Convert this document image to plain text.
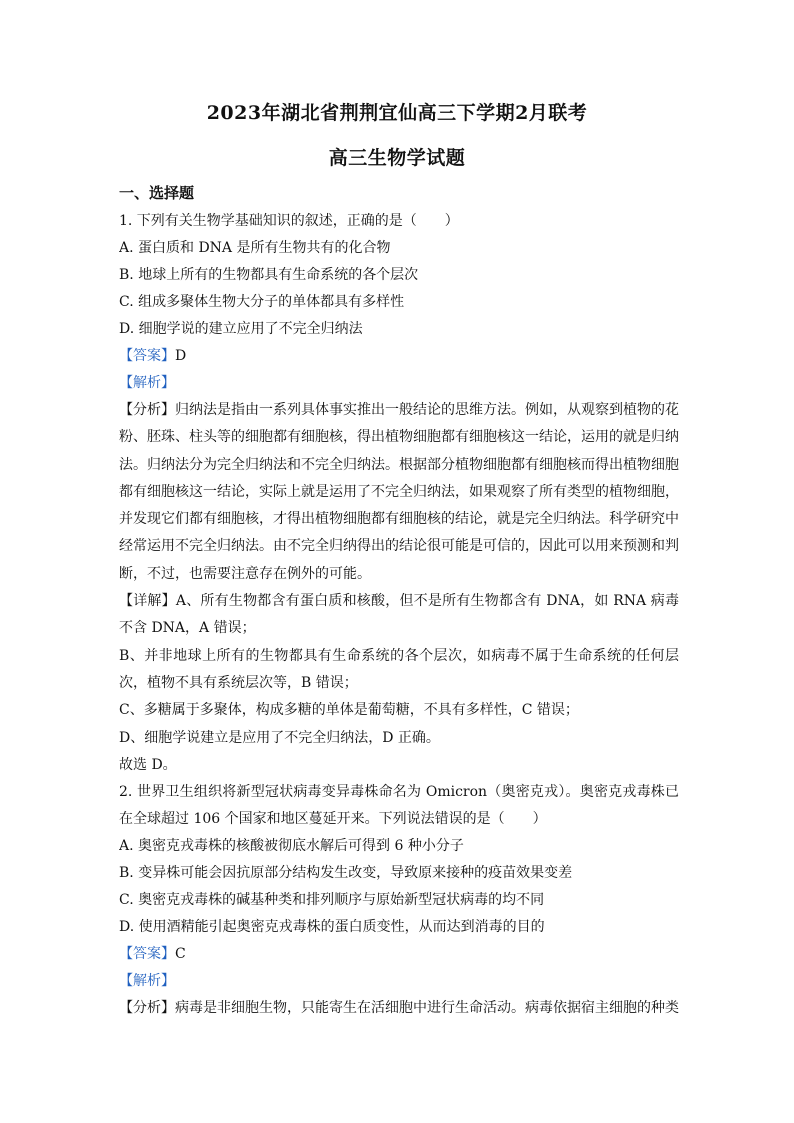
2023年湖北省荆荆宜仙高三下学期2月联考
高三生物学试题
一、选择题
1. 下列有关生物学基础知识的叙述，正确的是（　　）
A. 蛋白质和 DNA 是所有生物共有的化合物
B. 地球上所有的生物都具有生命系统的各个层次
C. 组成多聚体生物大分子的单体都具有多样性
D. 细胞学说的建立应用了不完全归纳法
【答案】D
【解析】

【分析】归纳法是指由一系列具体事实推出一般结论的思维方法。例如，从观察到植物的花粉、胚珠、柱头等的细胞都有细胞核，得出植物细胞都有细胞核这一结论，运用的就是归纳法。归纳法分为完全归纳法和不完全归纳法。根据部分植物细胞都有细胞核而得出植物细胞都有细胞核这一结论，实际上就是运用了不完全归纳法，如果观察了所有类型的植物细胞，并发现它们都有细胞核，才得出植物细胞都有细胞核的结论，就是完全归纳法。科学研究中经常运用不完全归纳法。由不完全归纳得出的结论很可能是可信的，因此可以用来预测和判断，不过，也需要注意存在例外的可能。

【详解】A、所有生物都含有蛋白质和核酸，但不是所有生物都含有 DNA，如 RNA 病毒不含 DNA，A 错误；

B、并非地球上所有的生物都具有生命系统的各个层次，如病毒不属于生命系统的任何层次，植物不具有系统层次等，B 错误；

C、多糖属于多聚体，构成多糖的单体是葡萄糖，不具有多样性，C 错误；

D、细胞学说建立是应用了不完全归纳法，D 正确。

故选 D。

2. 世界卫生组织将新型冠状病毒变异毒株命名为 Omicron（奥密克戎）。奥密克戎毒株已在全球超过 106 个国家和地区蔓延开来。下列说法错误的是（　　）

A. 奥密克戎毒株的核酸被彻底水解后可得到 6 种小分子
B. 变异株可能会因抗原部分结构发生改变，导致原来接种的疫苗效果变差
C. 奥密克戎毒株的碱基种类和排列顺序与原始新型冠状病毒的均不同
D. 使用酒精能引起奥密克戎毒株的蛋白质变性，从而达到消毒的目的
【答案】C
【解析】
【分析】病毒是非细胞生物，只能寄生在活细胞中进行生命活动。病毒依据宿主细胞的种类
